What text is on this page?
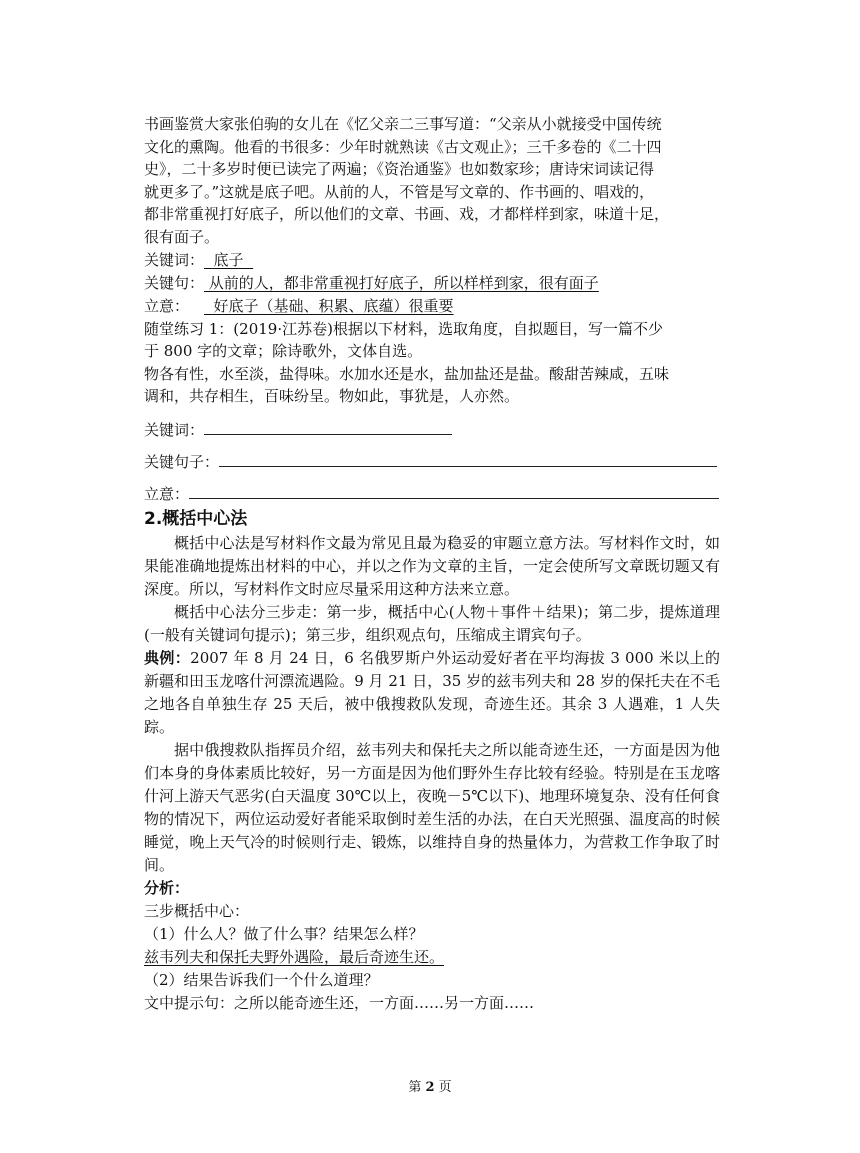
书画鉴赏大家张伯驹的女儿在《忆父亲二三事写道：“父亲从小就接受中国传统

文化的熏陶。他看的书很多：少年时就熟读《古文观止》；三千多卷的《二十四

史》，二十多岁时便已读完了两遍；《资治通鉴》也如数家珍；唐诗宋词读记得

就更多了。”这就是底子吧。从前的人，不管是写文章的、作书画的、唱戏的，

都非常重视打好底子，所以他们的文章、书画、戏，才都样样到家，味道十足，

很有面子。

关键词：  底子

关键句： 从前的人，都非常重视打好底子，所以样样到家，很有面子

立意：  好底子（基础、积累、底蕴）很重要

随堂练习 1：(2019·江苏卷)根据以下材料，选取角度，自拟题目，写一篇不少

于 800 字的文章；除诗歌外，文体自选。

物各有性，水至淡，盐得味。水加水还是水，盐加盐还是盐。酸甜苦辣咸，五味

调和，共存相生，百味纷呈。物如此，事犹是，人亦然。

关键词：
关键句子：
立意：
2.概括中心法

概括中心法是写材料作文最为常见且最为稳妥的审题立意方法。写材料作文时，如果能准确地提炼出材料的中心，并以之作为文章的主旨，一定会使所写文章既切题又有深度。所以，写材料作文时应尽量采用这种方法来立意。

概括中心法分三步走：第一步，概括中心(人物＋事件＋结果)；第二步，提炼道理(一般有关键词句提示)；第三步，组织观点句，压缩成主谓宾句子。

典例：2007 年 8 月 24 日，6 名俄罗斯户外运动爱好者在平均海拔 3 000 米以上的新疆和田玉龙喀什河漂流遇险。9 月 21 日，35 岁的兹韦列夫和 28 岁的保托夫在不毛之地各自单独生存 25 天后，被中俄搜救队发现，奇迹生还。其余 3 人遇难，1 人失踪。

据中俄搜救队指挥员介绍，兹韦列夫和保托夫之所以能奇迹生还，一方面是因为他们本身的身体素质比较好，另一方面是因为他们野外生存比较有经验。特别是在玉龙喀什河上游天气恶劣(白天温度 30℃以上，夜晚－5℃以下)、地理环境复杂、没有任何食物的情况下，两位运动爱好者能采取倒时差生活的办法，在白天光照强、温度高的时候睡觉，晚上天气冷的时候则行走、锻炼，以维持自身的热量体力，为营救工作争取了时间。

分析：

三步概括中心：

（1）什么人？做了什么事？结果怎么样？

兹韦列夫和保托夫野外遇险，最后奇迹生还。

（2）结果告诉我们一个什么道理？

文中提示句：之所以能奇迹生还，一方面……另一方面……

第 2 页
